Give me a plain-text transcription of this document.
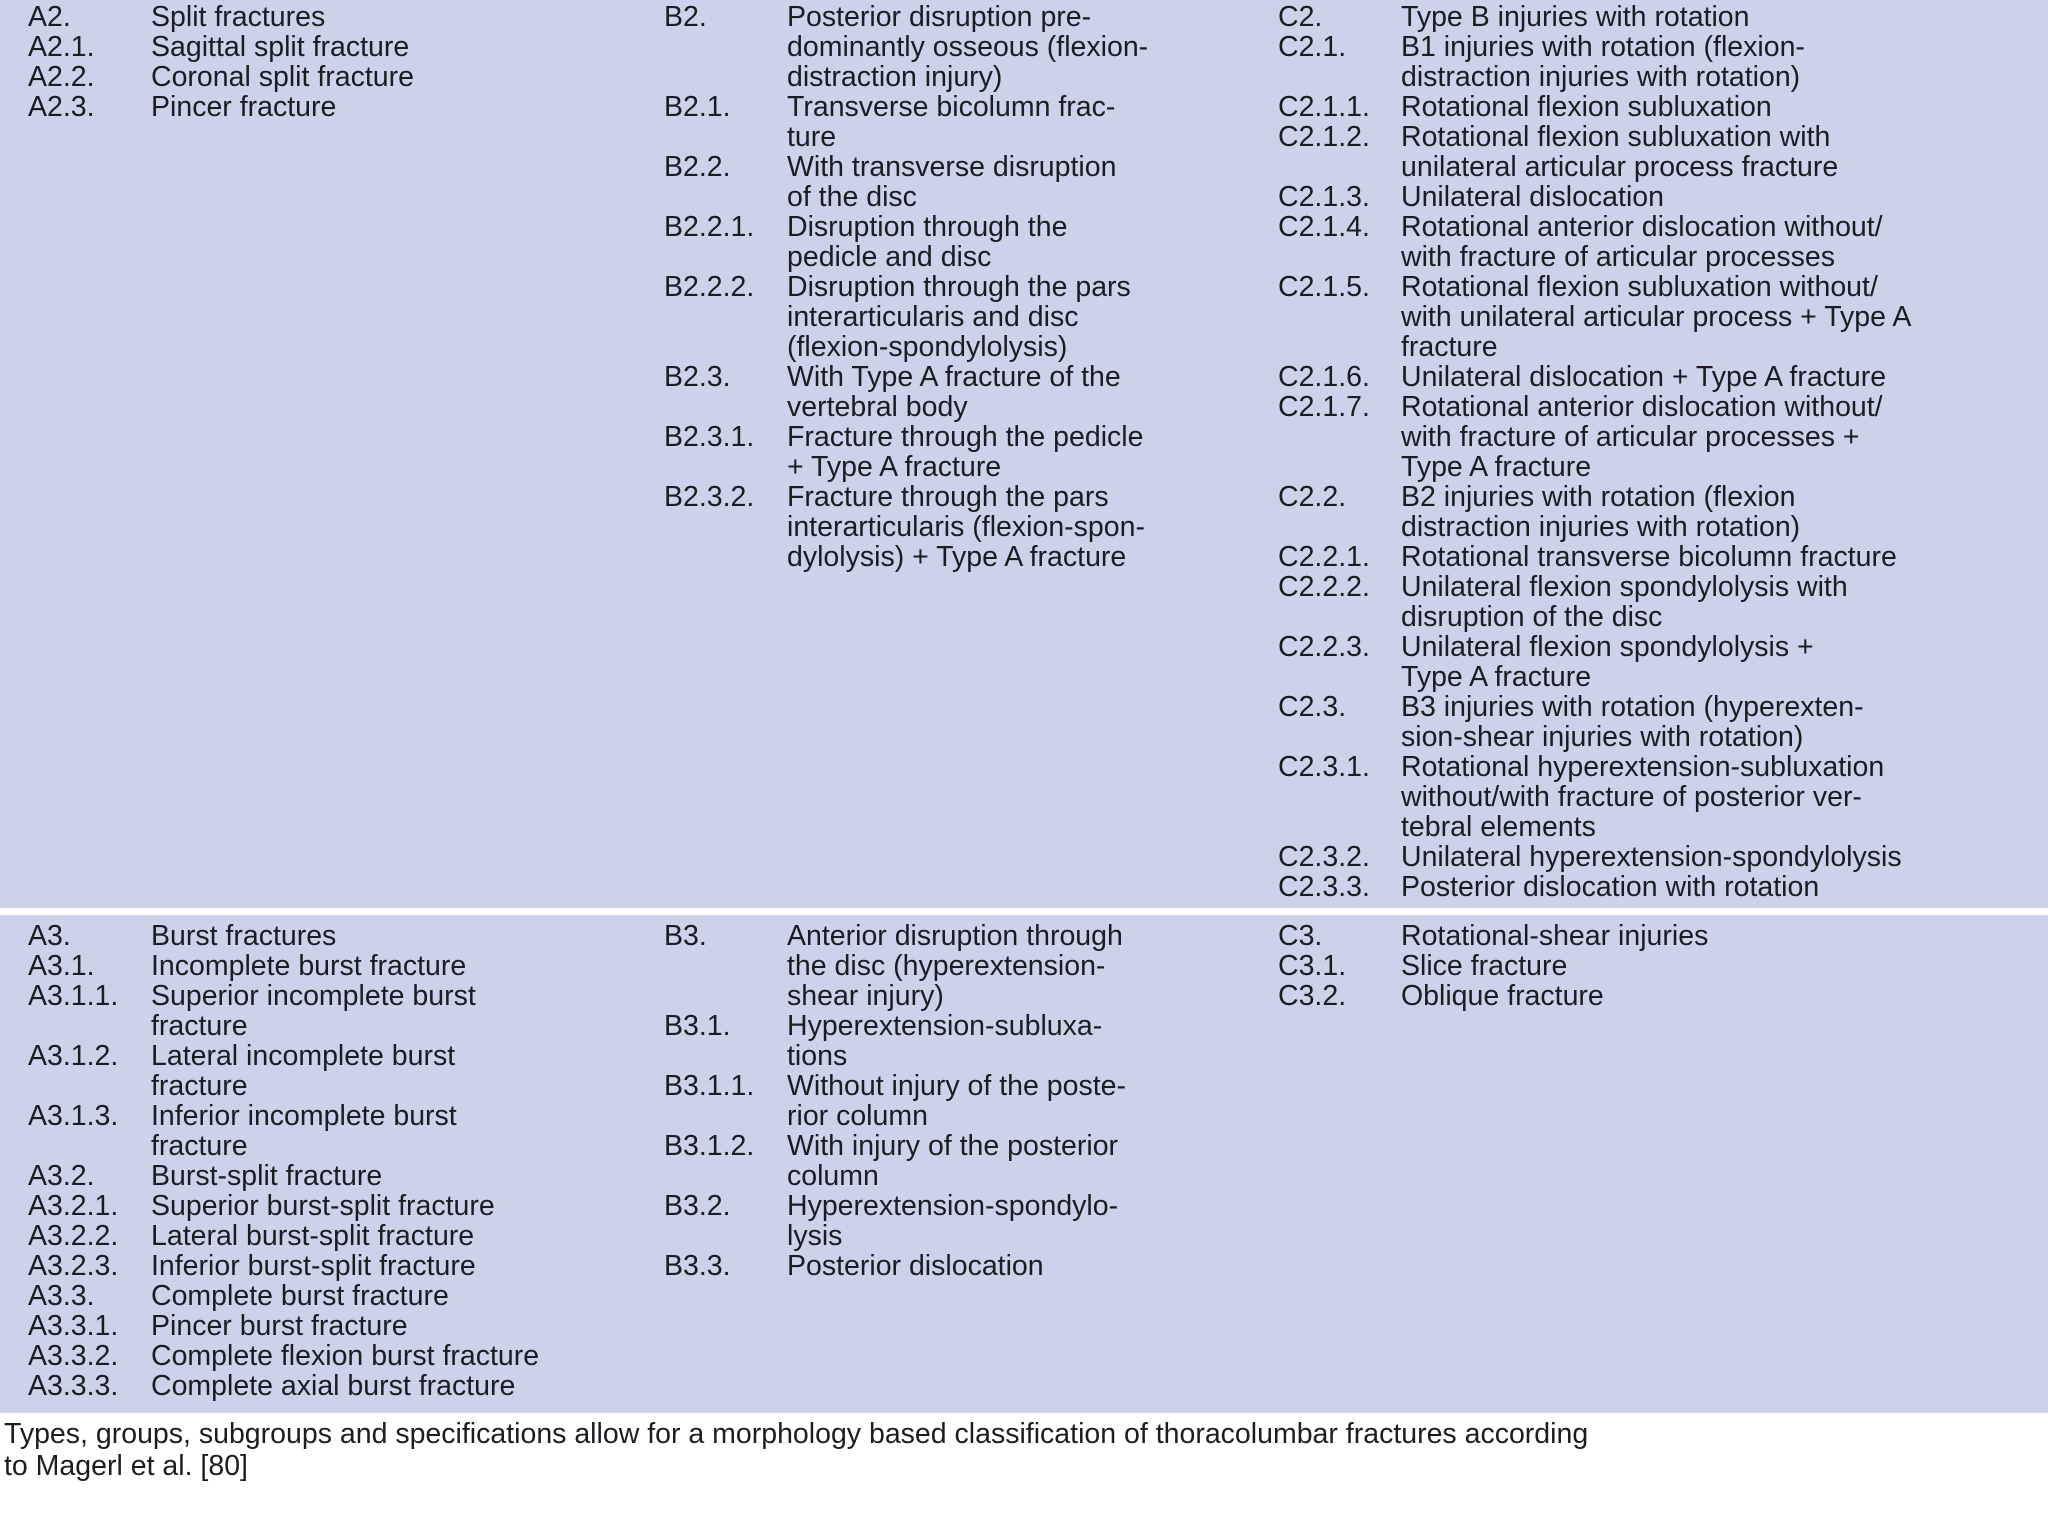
A2.	Split fractures
A2.1.	Sagittal split fracture
A2.2.	Coronal split fracture
A2.3.	Pincer fracture
B2.	Posterior disruption pre-
dominantly osseous (flexion-
distraction injury)
B2.1.	Transverse bicolumn frac-
ture
B2.2.	With transverse disruption
of the disc
B2.2.1.	Disruption through the
pedicle and disc
B2.2.2.	Disruption through the pars
interarticularis and disc
(flexion-spondylolysis)
B2.3.	With Type A fracture of the
vertebral body
B2.3.1.	Fracture through the pedicle
+ Type A fracture
B2.3.2.	Fracture through the pars
interarticularis (flexion-spon-
dylolysis) + Type A fracture
C2.	Type B injuries with rotation
C2.1.	B1 injuries with rotation (flexion-
distraction injuries with rotation)
C2.1.1.	Rotational flexion subluxation
C2.1.2.	Rotational flexion subluxation with
unilateral articular process fracture
C2.1.3.	Unilateral dislocation
C2.1.4.	Rotational anterior dislocation without/
with fracture of articular processes
C2.1.5.	Rotational flexion subluxation without/
with unilateral articular process + Type A
fracture
C2.1.6.	Unilateral dislocation + Type A fracture
C2.1.7.	Rotational anterior dislocation without/
with fracture of articular processes +
Type A fracture
C2.2.	B2 injuries with rotation (flexion
distraction injuries with rotation)
C2.2.1.	Rotational transverse bicolumn fracture
C2.2.2.	Unilateral flexion spondylolysis with
disruption of the disc
C2.2.3.	Unilateral flexion spondylolysis +
Type A fracture
C2.3.	B3 injuries with rotation (hyperexten-
sion-shear injuries with rotation)
C2.3.1.	Rotational hyperextension-subluxation
without/with fracture of posterior ver-
tebral elements
C2.3.2.	Unilateral hyperextension-spondylolysis
C2.3.3.	Posterior dislocation with rotation
A3.	Burst fractures
A3.1.	Incomplete burst fracture
A3.1.1.	Superior incomplete burst
fracture
A3.1.2.	Lateral incomplete burst
fracture
A3.1.3.	Inferior incomplete burst
fracture
A3.2.	Burst-split fracture
A3.2.1.	Superior burst-split fracture
A3.2.2.	Lateral burst-split fracture
A3.2.3.	Inferior burst-split fracture
A3.3.	Complete burst fracture
A3.3.1.	Pincer burst fracture
A3.3.2.	Complete flexion burst fracture
A3.3.3.	Complete axial burst fracture
B3.	Anterior disruption through
the disc (hyperextension-
shear injury)
B3.1.	Hyperextension-subluxa-
tions
B3.1.1.	Without injury of the poste-
rior column
B3.1.2.	With injury of the posterior
column
B3.2.	Hyperextension-spondylo-
lysis
B3.3.	Posterior dislocation
C3.	Rotational-shear injuries
C3.1.	Slice fracture
C3.2.	Oblique fracture
Types, groups, subgroups and specifications allow for a morphology based classification of thoracolumbar fractures according
to Magerl et al. [80]
